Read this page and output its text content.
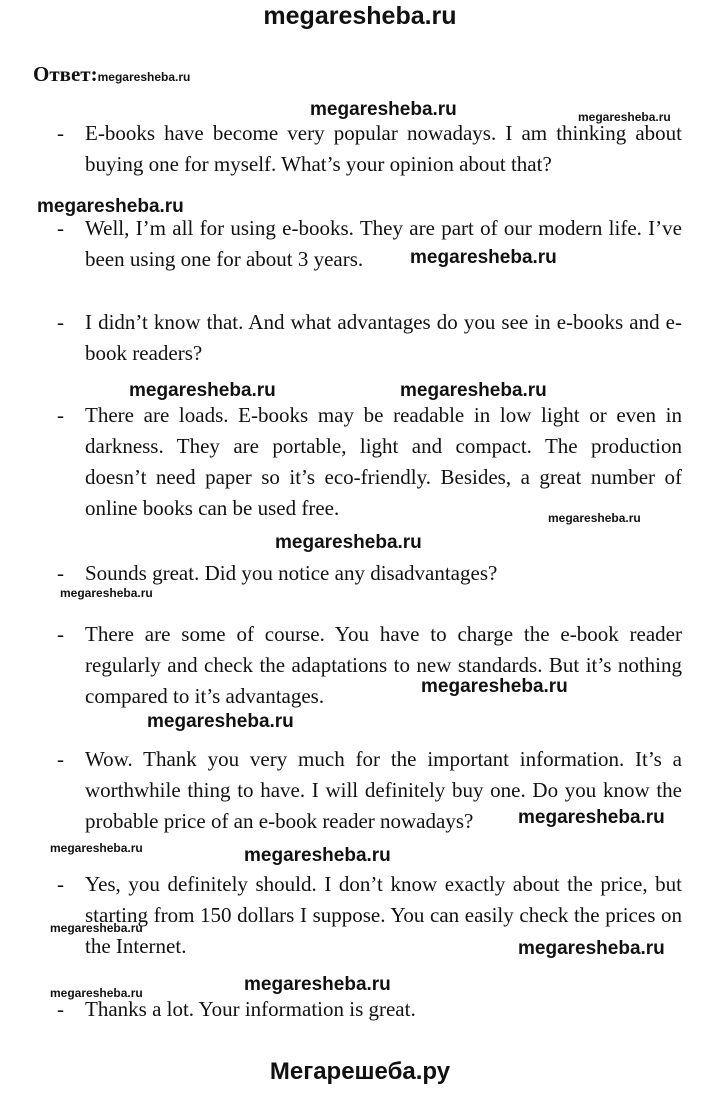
megaresheba.ru
Ответ:megaresheba.ru
- E-books have become very popular nowadays. I am thinking about buying one for myself. What’s your opinion about that?
- Well, I’m all for using e-books. They are part of our modern life. I’ve been using one for about 3 years.
- I didn’t know that. And what advantages do you see in e-books and e-book readers?
- There are loads. E-books may be readable in low light or even in darkness. They are portable, light and compact. The production doesn’t need paper so it’s eco-friendly. Besides, a great number of online books can be used free.
- Sounds great. Did you notice any disadvantages?
- There are some of course. You have to charge the e-book reader regularly and check the adaptations to new standards. But it’s nothing compared to it’s advantages.
- Wow. Thank you very much for the important information. It’s a worthwhile thing to have. I will definitely buy one. Do you know the probable price of an e-book reader nowadays?
- Yes, you definitely should. I don’t know exactly about the price, but starting from 150 dollars I suppose. You can easily check the prices on the Internet.
- Thanks a lot. Your information is great.
megaresheba.ru	megaresheba.ru
megaresheba.ru
megaresheba.ru
megaresheba.ru	megaresheba.ru
megaresheba.ru
megaresheba.ru
megaresheba.ru
megaresheba.ru
megaresheba.ru
megaresheba.ru
megaresheba.ru	megaresheba.ru
megaresheba.ru
megaresheba.ru
megaresheba.ru
megaresheba.ru
Мегарешеба.ру
